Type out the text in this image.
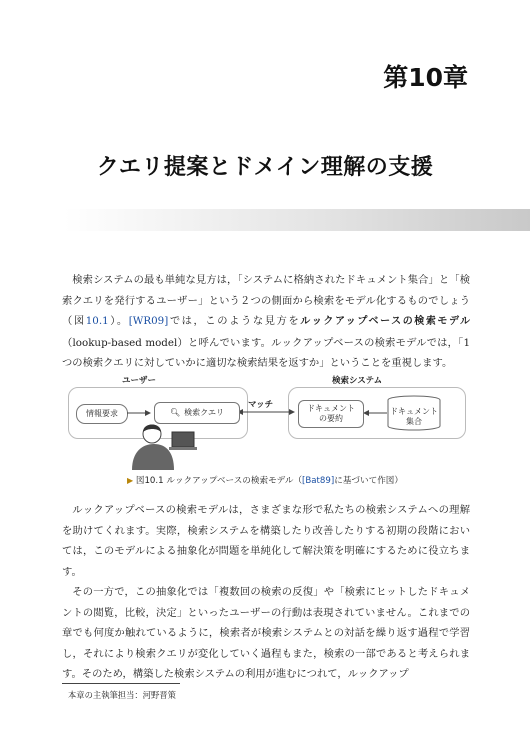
第10章
クエリ提案とドメイン理解の支援

検索システムの最も単純な見方は，「システムに格納されたドキュメント集合」と「検索クエリを発行するユーザー」という２つの側面から検索をモデル化するものでしょう（図10.1）。[WR09]では，このような見方をルックアップベースの検索モデル（lookup-based model）と呼んでいます。ルックアップベースの検索モデルでは，「1つの検索クエリに対していかに適切な検索結果を返すか」ということを重視します。

ユーザー	検索システム
情報要求	🔍︎ 検索クエリ
マッチ	ドキュメント
の要約
ドキュメント
集合
▶ 図10.1 ルックアップベースの検索モデル（[Bat89]に基づいて作図）

ルックアップベースの検索モデルは，さまざまな形で私たちの検索システムへの理解を助けてくれます。実際，検索システムを構築したり改善したりする初期の段階においては，このモデルによる抽象化が問題を単純化して解決策を明確にするために役立ちます。

その一方で，この抽象化では「複数回の検索の反復」や「検索にヒットしたドキュメントの閲覧，比較，決定」といったユーザーの行動は表現されていません。これまでの章でも何度か触れているように，検索者が検索システムとの対話を繰り返す過程で学習し，それにより検索クエリが変化していく過程もまた，検索の一部であると考えられます。そのため，構築した検索システムの利用が進むにつれて，ルックアップ

本章の主執筆担当：河野晋策
